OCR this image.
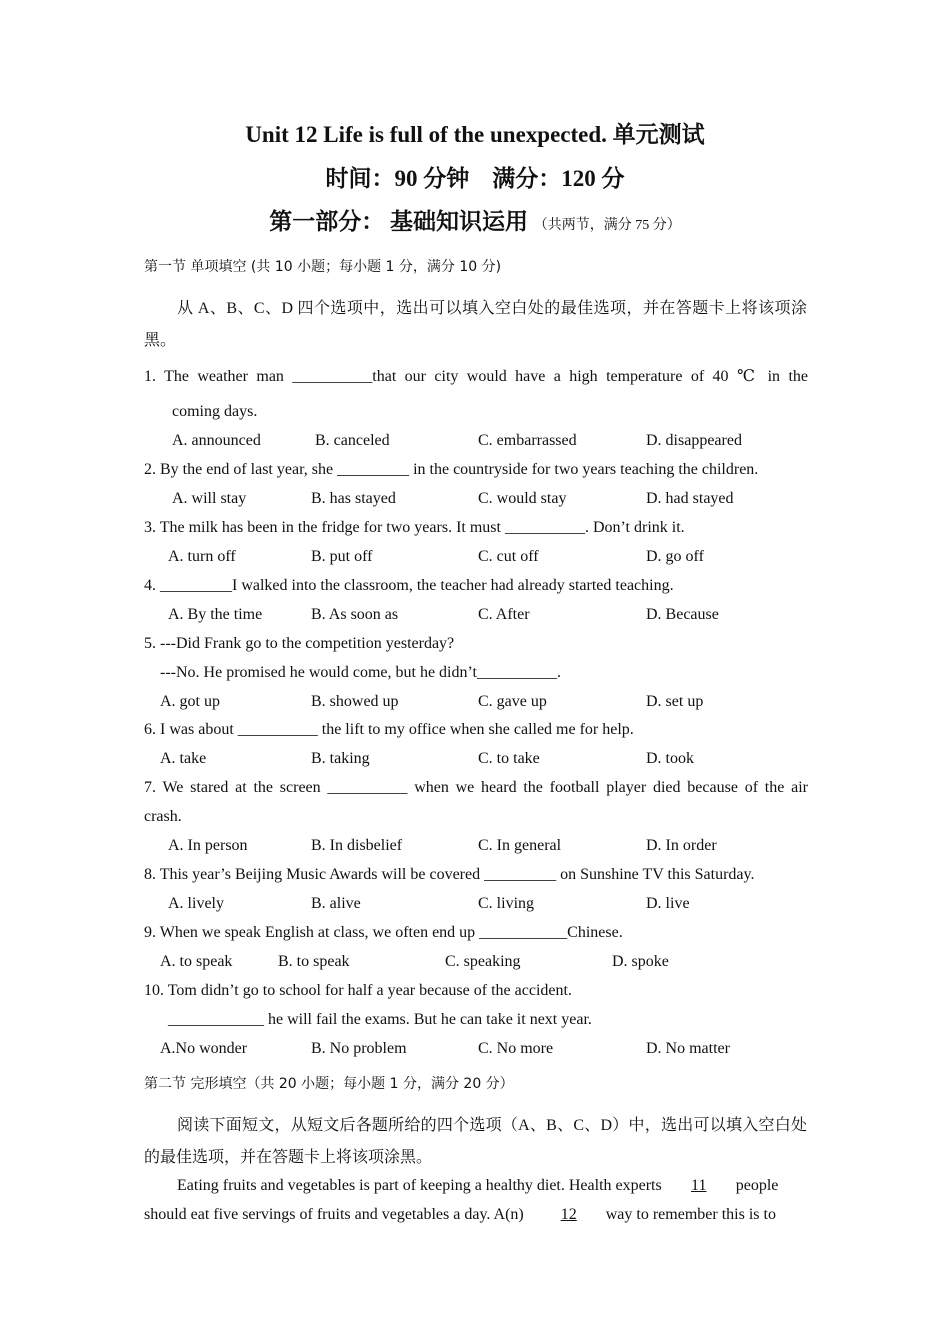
Unit 12 Life is full of the unexpected. 单元测试
时间：90 分钟　满分：120 分
第一部分： 基础知识运用 （共两节，满分 75 分）
第一节 单项填空 (共 10 小题；每小题 1 分，满分 10 分)
从 A、B、C、D 四个选项中，选出可以填入空白处的最佳选项，并在答题卡上将该项涂
黑。
1. The weather man __________that our city would have a high temperature of 40 ℃ in the
coming days.
A. announced	B. canceled	C. embarrassed	D. disappeared
2. By the end of last year, she _________ in the countryside for two years teaching the children.
A. will stay	B. has stayed	C. would stay	D. had stayed
3. The milk has been in the fridge for two years. It must __________. Don’t drink it.
A. turn off	B. put off	C. cut off	D. go off
4. _________I walked into the classroom, the teacher had already started teaching.
A. By the time	B. As soon as	C. After	D. Because
5. ---Did Frank go to the competition yesterday?
---No. He promised he would come, but he didn’t__________.
A. got up	B. showed up	C. gave up	D. set up
6. I was about __________ the lift to my office when she called me for help.
A. take	B. taking	C. to take	D. took
7. We stared at the screen __________ when we heard the football player died because of the air
crash.
A. In person	B. In disbelief	C. In general	D. In order
8. This year’s Beijing Music Awards will be covered _________ on Sunshine TV this Saturday.
A. lively	B. alive	C. living	D. live
9. When we speak English at class, we often end up ___________Chinese.
A. to speak	B. to speak	C. speaking	D. spoke
10. Tom didn’t go to school for half a year because of the accident.
____________ he will fail the exams. But he can take it next year.
A.No wonder	B. No problem	C. No more	D. No matter
第二节 完形填空（共 20 小题；每小题 1 分，满分 20 分）
阅读下面短文，从短文后各题所给的四个选项（A、B、C、D）中，选出可以填入空白处
的最佳选项，并在答题卡上将该项涂黑。
Eating fruits and vegetables is part of keeping a healthy diet. Health experts 11 people
should eat five servings of fruits and vegetables a day. A(n) 12 way to remember this is to
